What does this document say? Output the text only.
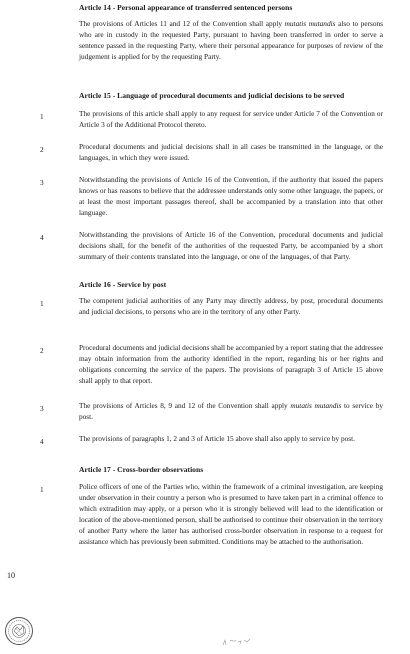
Article 14 - Personal appearance of transferred sentenced persons

The provisions of Articles 11 and 12 of the Convention shall apply mutatis mutandis also to persons who are in custody in the requested Party, pursuant to having been transferred in order to serve a sentence passed in the requesting Party, where their personal appearance for purposes of review of the judgement is applied for by the requesting Party.

Article 15 - Language of procedural documents and judicial decisions to be served
1	The provisions of this article shall apply to any request for service under Article 7 of the Convention or Article 3 of the Additional Protocol thereto.

2	Procedural documents and judicial decisions shall in all cases be transmitted in the language, or the languages, in which they were issued.

3	Notwithstanding the provisions of Article 16 of the Convention, if the authority that issued the papers knows or has reasons to believe that the addressee understands only some other language, the papers, or at least the most important passages thereof, shall be accompanied by a translation into that other language.

4	Notwithstanding the provisions of Article 16 of the Convention, procedural documents and judicial decisions shall, for the benefit of the authorities of the requested Party, be accompanied by a short summary of their contents translated into the language, or one of the languages, of that Party.

Article 16 - Service by post
1	The competent judicial authorities of any Party may directly address, by post, procedural documents and judicial decisions, to persons who are in the territory of any other Party.

2	Procedural documents and judicial decisions shall be accompanied by a report stating that the addressee may obtain information from the authority identified in the report, regarding his or her rights and obligations concerning the service of the papers. The provisions of paragraph 3 of Article 15 above shall apply to that report.

3	The provisions of Articles 8, 9 and 12 of the Convention shall apply mutatis mutandis to service by post.

4	The provisions of paragraphs 1, 2 and 3 of Article 15 above shall also apply to service by post.

Article 17 - Cross-border observations
1	Police officers of one of the Parties who, within the framework of a criminal investigation, are keeping under observation in their country a person who is presumed to have taken part in a criminal offence to which extradition may apply, or a person who it is strongly believed will lead to the identification or location of the above-mentioned person, shall be authorised to continue their observation in the territory of another Party where the latter has authorised cross-border observation in response to a request for assistance which has previously been submitted. Conditions may be attached to the authorisation.

10
